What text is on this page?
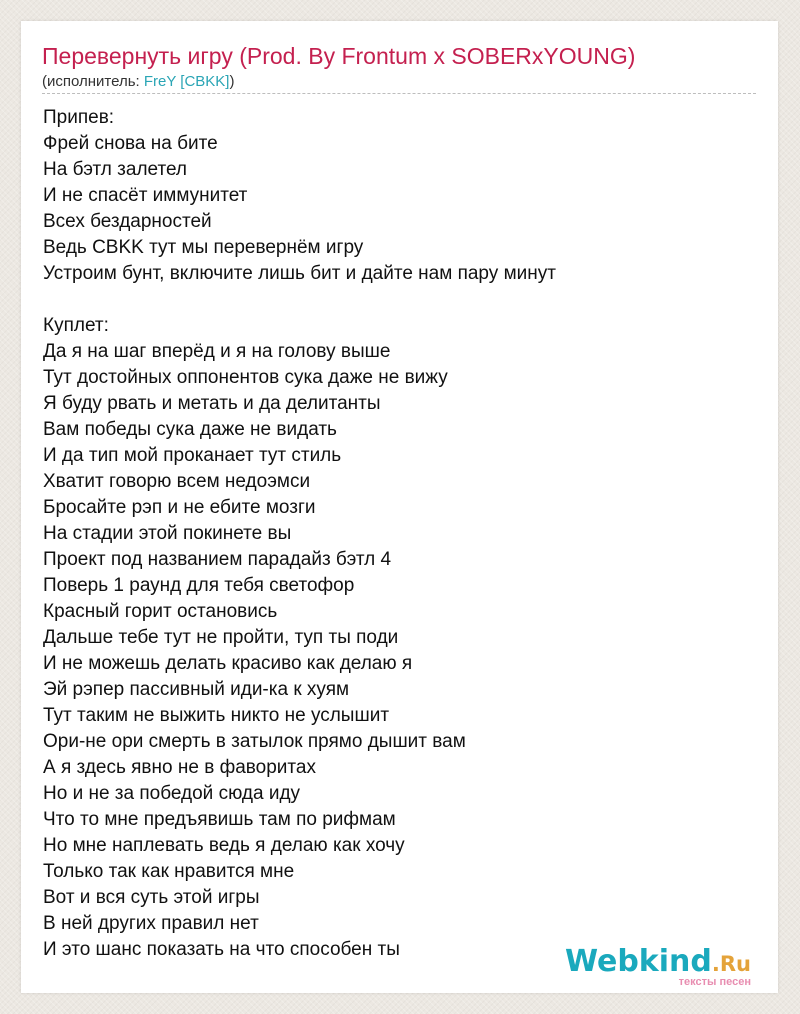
Перевернуть игру (Prod. By Frontum x SOBERxYOUNG)
(исполнитель: FreY [CBKK])
Припев:
Фрей снова на бите
На бэтл залетел
И не спасёт иммунитет
Всех бездарностей
Ведь CBKK тут мы перевернём игру
Устроим бунт, включите лишь бит и дайте нам пару минут
Куплет:
Да я на шаг вперёд и я на голову выше
Тут достойных оппонентов сука даже не вижу
Я буду рвать и метать и да делитанты
Вам победы сука даже не видать
И да тип мой проканает тут стиль
Хватит говорю всем недоэмси
Бросайте рэп и не ебите мозги
На стадии этой покинете вы
Проект под названием парадайз бэтл 4
Поверь 1 раунд для тебя светофор
Красный горит остановись
Дальше тебе тут не пройти, туп ты поди
И не можешь делать красиво как делаю я
Эй рэпер пассивный иди-ка к хуям
Тут таким не выжить никто не услышит
Ори-не ори смерть в затылок прямо дышит вам
А я здесь явно не в фаворитах
Но и не за победой сюда иду
Что то мне предъявишь там по рифмам
Но мне наплевать ведь я делаю как хочу
Только так как нравится мне
Вот и вся суть этой игры
В ней других правил нет
И это шанс показать на что способен ты	Webkind.Ru
тексты песен
